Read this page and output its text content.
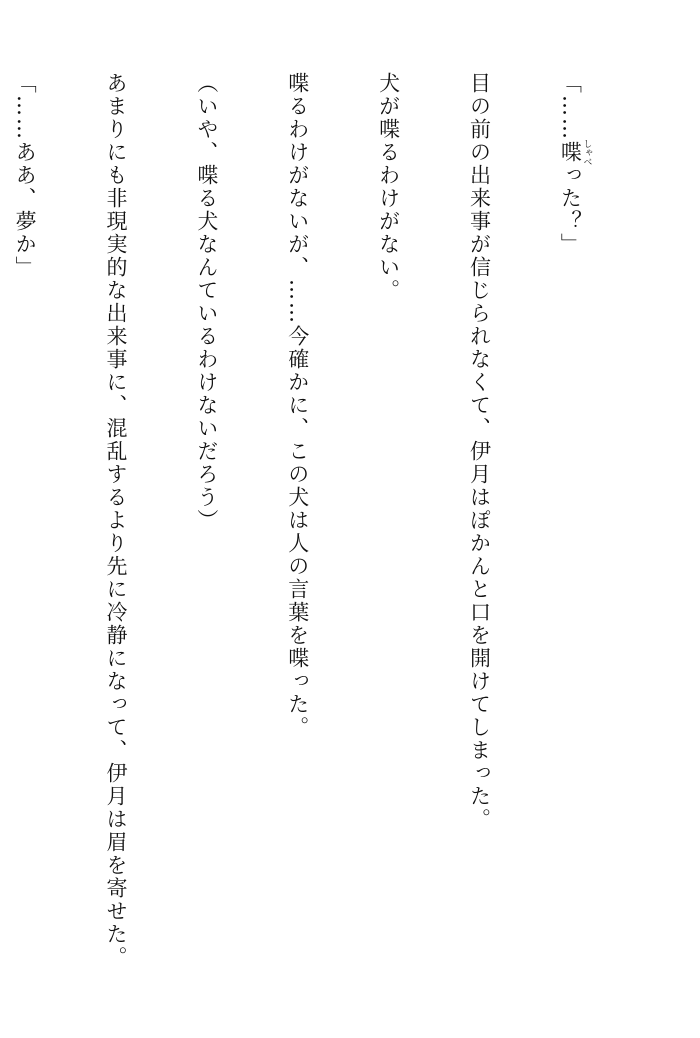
「……喋 しゃべった？」

目の前の出来事が信じられなくて、伊月はぽかんと口を開けてしまった。

犬が喋るわけがない。

喋るわけがないが、……今確かに、この犬は人の言葉を喋った。

（いや、喋る犬なんているわけないだろう）

あまりにも非現実的な出来事に、混乱するより先に冷静になって、伊月は眉を寄せた。

「……ああ、夢か」
